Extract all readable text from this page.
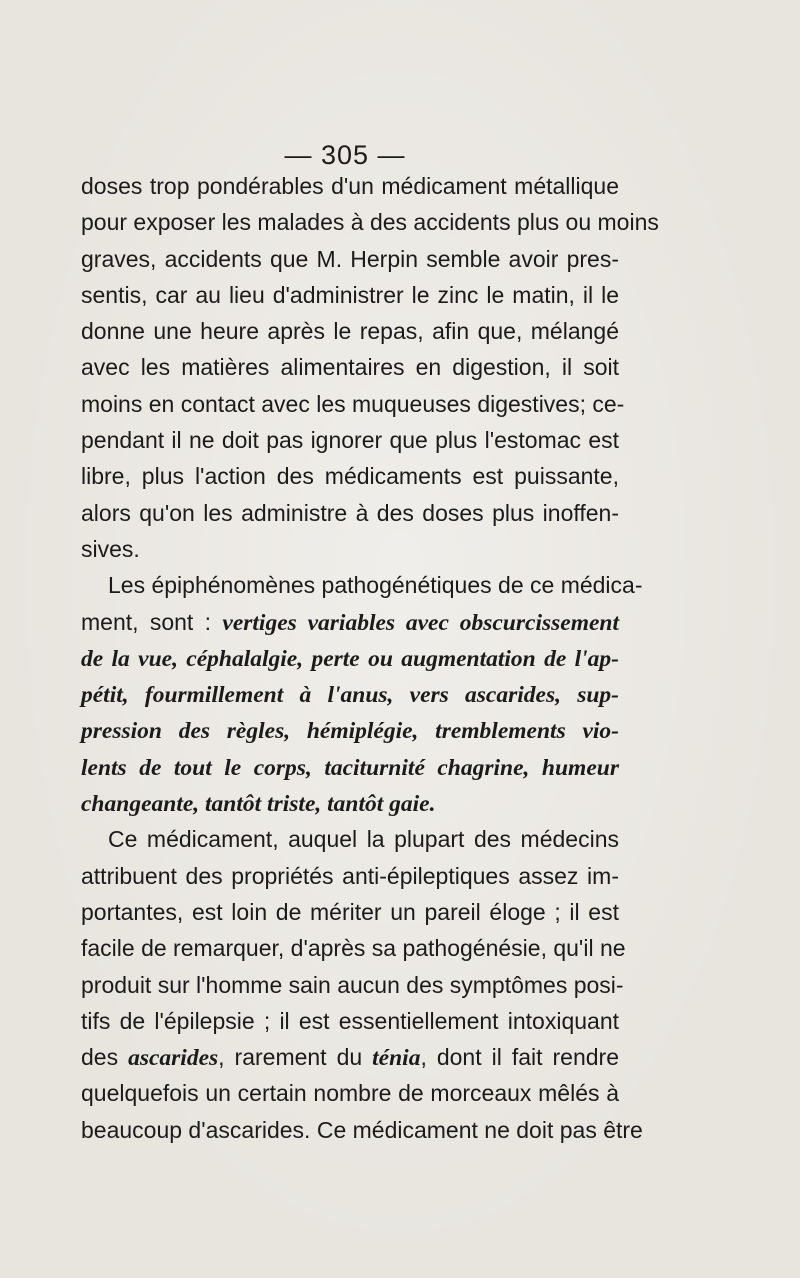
— 305 —
doses trop pondérables d'un médicament métallique
pour exposer les malades à des accidents plus ou moins
graves, accidents que M. Herpin semble avoir pres-
sentis, car au lieu d'administrer le zinc le matin, il le
donne une heure après le repas, afin que, mélangé
avec les matières alimentaires en digestion, il soit
moins en contact avec les muqueuses digestives; ce-
pendant il ne doit pas ignorer que plus l'estomac est
libre, plus l'action des médicaments est puissante,
alors qu'on les administre à des doses plus inoffen-
sives.
Les épiphénomènes pathogénétiques de ce médica-
ment, sont : vertiges variables avec obscurcissement
de la vue, céphalalgie, perte ou augmentation de l'ap-
pétit, fourmillement à l'anus, vers ascarides, sup-
pression des règles, hémiplégie, tremblements vio-
lents de tout le corps, taciturnité chagrine, humeur
changeante, tantôt triste, tantôt gaie.
Ce médicament, auquel la plupart des médecins
attribuent des propriétés anti-épileptiques assez im-
portantes, est loin de mériter un pareil éloge ; il est
facile de remarquer, d'après sa pathogénésie, qu'il ne
produit sur l'homme sain aucun des symptômes posi-
tifs de l'épilepsie ; il est essentiellement intoxiquant
des ascarides, rarement du ténia, dont il fait rendre
quelquefois un certain nombre de morceaux mêlés à
beaucoup d'ascarides. Ce médicament ne doit pas être
